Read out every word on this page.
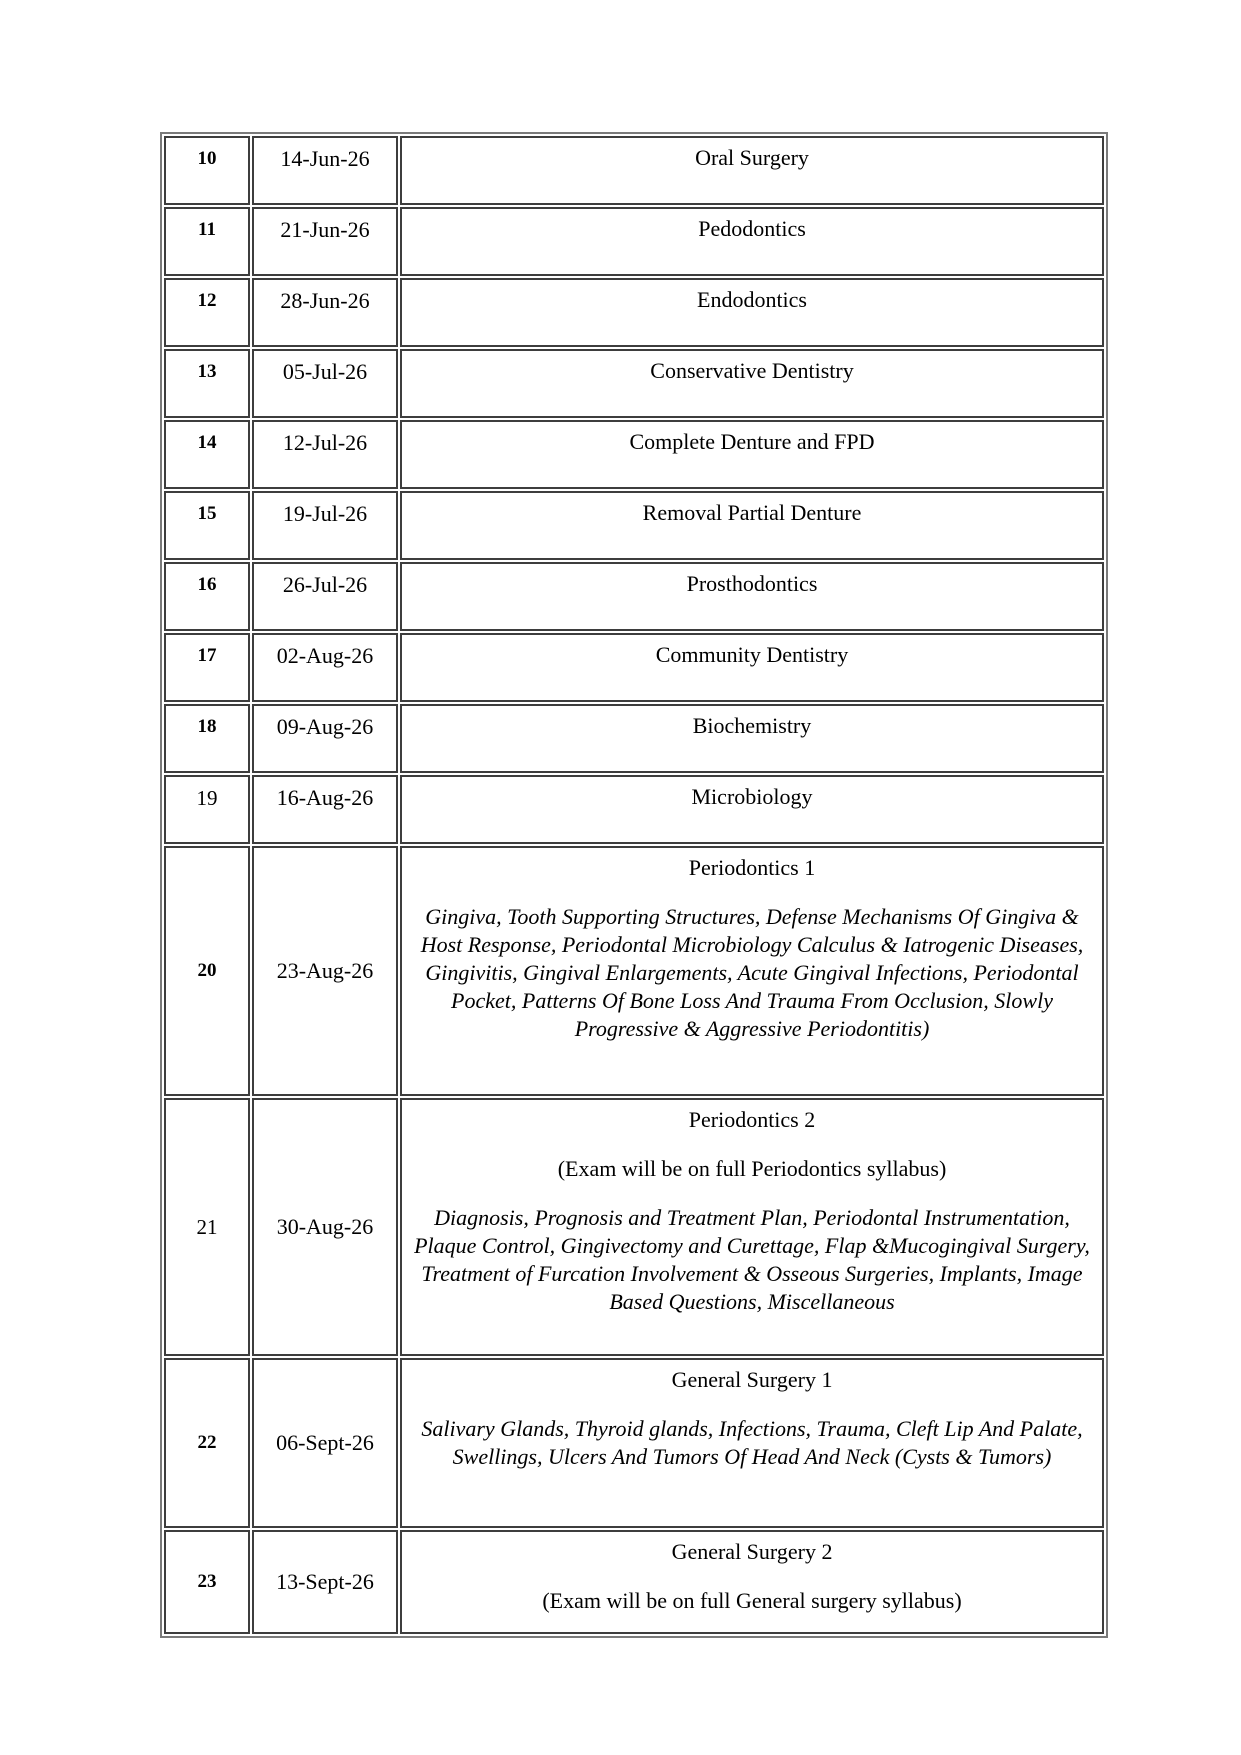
10	14-Jun-26	Oral Surgery

11	21-Jun-26	Pedodontics

12	28-Jun-26	Endodontics

13	05-Jul-26	Conservative Dentistry

14	12-Jul-26	Complete Denture and FPD

15	19-Jul-26	Removal Partial Denture

16	26-Jul-26	Prosthodontics

17	02-Aug-26	Community Dentistry

18	09-Aug-26	Biochemistry

19	16-Aug-26	Microbiology

20	23-Aug-26	Periodontics 1
Gingiva, Tooth Supporting Structures, Defense Mechanisms Of Gingiva & Host Response, Periodontal Microbiology Calculus & Iatrogenic Diseases, Gingivitis, Gingival Enlargements, Acute Gingival Infections, Periodontal Pocket, Patterns Of Bone Loss And Trauma From Occlusion, Slowly Progressive & Aggressive Periodontitis)

21	30-Aug-26	Periodontics 2
(Exam will be on full Periodontics syllabus)
Diagnosis, Prognosis and Treatment Plan, Periodontal Instrumentation, Plaque Control, Gingivectomy and Curettage, Flap &Mucogingival Surgery, Treatment of Furcation Involvement & Osseous Surgeries, Implants, Image Based Questions, Miscellaneous

22	06-Sept-26	General Surgery 1
Salivary Glands, Thyroid glands, Infections, Trauma, Cleft Lip And Palate, Swellings, Ulcers And Tumors Of Head And Neck (Cysts & Tumors)

23	13-Sept-26	General Surgery 2
(Exam will be on full General surgery syllabus)
